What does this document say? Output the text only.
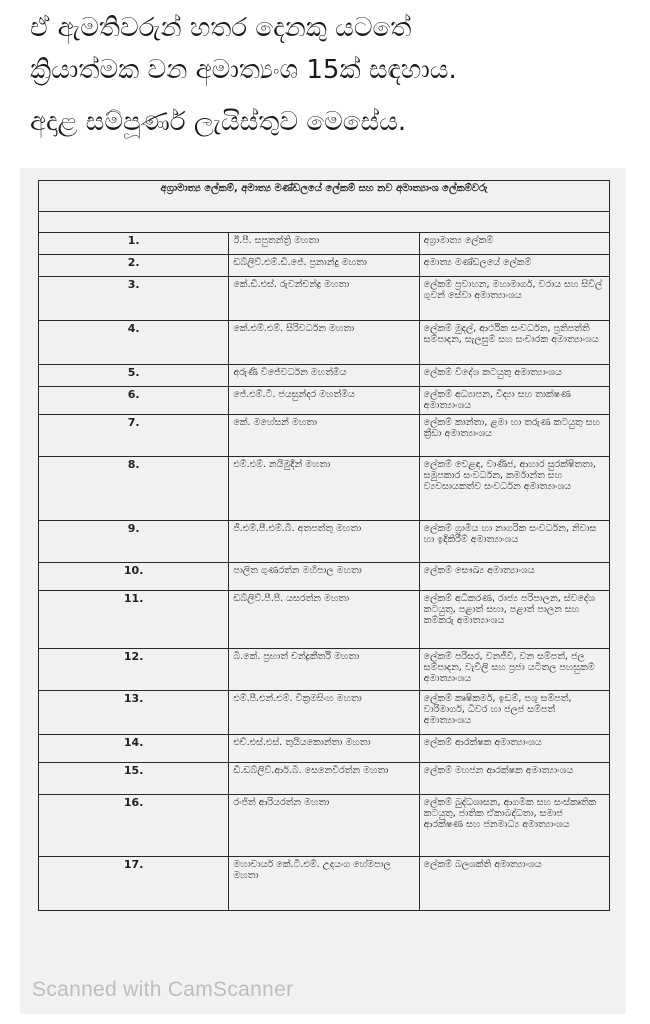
ඒ ඇමතිවරුන් හතර දෙනකු යටතේ
ක්‍රියාත්මක වන අමාත්‍යංශ 15ක් සඳහාය.
අදාළ සම්පූර්ණ ලැයිස්තුව මෙසේය.
අග්‍රාමාත්‍ය ලේකම්, අමාත්‍ය මණ්ඩලයේ ලේකම් සහ නව අමාත්‍යාංශ ලේකම්වරු		

1.	ඊ.පී. සපුතන්ත්‍රි මහතා	අග්‍රාමාත්‍ය ලේකම්
2.	ඩබ්ලිව්.එම්.ඩී.ජේ. ප්‍රනාන්දු මහතා	අමාත්‍ය මණ්ඩලයේ ලේකම්
3.	කේ.ඩී.එස්. රුවන්චන්ද්‍ර මහතා	ලේකම් ප්‍රවාහන, මහාමාර්ග, වරාය සහ සිවිල් ගුවන් සේවා අමාත්‍යාංශය
4.	කේ.එම්.එම්. සිරිවර්ධන මහතා	ලේකම් මුදල්, ආර්ථික සංවර්ධන, ප්‍රතිපත්ති සම්පාදන, සැලසුම් සහ සංචාරක අමාත්‍යාංශය
5.	අරුණි විජේවර්ධන මහත්මිය	ලේකම් විදේශ කටයුතු අමාත්‍යාංශය
6.	ජේ.එම්.ටී. ජයසුන්දර මහත්මිය	ලේකම් අධ්‍යාපන, විද්‍යා සහ තාක්ෂණ අමාත්‍යාංශය
7.	කේ. මහේසන් මහතා	ලේකම් කාන්තා, ළමා හා තරුණ කටයුතු සහ ක්‍රීඩා අමාත්‍යාංශය
8.	එම්.එම්. නයිමුදීන් මහතා	ලේකම් වෙළඳ, වාණිජ, ආහාර සුරක්ෂිතතා, සමුපකාර සංවර්ධන, කර්මාන්ත සහ ව්‍යවසායකත්ව සංවර්ධන අමාත්‍යාංශය
9.	ජී.එම්.පී.එම්.බී. අතපත්තු මහතා	ලේකම් ග්‍රාමීය හා නාගරික සංවර්ධන, නිවාස හා ඉදිකිරීම් අමාත්‍යාංශය
10.	පාලිත ගුණරත්න මහිපාල මහතා	ලේකම් සෞඛ්‍ය අමාත්‍යාංශය
11.	ඩබ්ලිව්.පී.පී. යසරත්න මහතා	ලේකම් අධිකරණ, රාජ්‍ය පරිපාලන, ස්වදේශ කටයුතු, පළාත් සභා, පළාත් පාලන සහ කම්කරු අමාත්‍යාංශය
12.	බී.කේ. ප්‍රභාත් චන්ද්‍රකීර්ති මහතා	ලේකම් පරිසර, වනජීවී, වන සම්පත්, ජල සම්පාදන, වැවිලි සහ ප්‍රජා යටිතල පහසුකම් අමාත්‍යාංශය
13.	එම්.පී.එන්.එම්. වික්‍රමසිංහ මහතා	ලේකම් කෘෂිකර්ම, ඉඩම්, පශු සම්පත්, වාරිමාර්ග, ධීවර හා ජලජ සම්පත් අමාත්‍යාංශය
14.	එච්.එස්.එස්. තුයියකොන්තා මහතා	ලේකම් ආරක්ෂක අමාත්‍යාංශය
15.	ඩී.ඩබ්ලිව්.ආර්.බී. සෙනෙවිරත්න මහතා	ලේකම් මහජන ආරක්ෂක අමාත්‍යාංශය
16.	රංජිත් ආරියරත්න මහතා	ලේකම් බුද්ධශාසන, ආගමික සහ සංස්කෘතික කටයුතු, ජාතික ඒකාබද්ධතා, සමාජ ආරක්ෂණ සහ ජනමාධ්‍ය අමාත්‍යාංශය
17.	මහාචාර්ය කේ.ටී.එම්. උදයංග හේමපාල මහතා	ලේකම් බලශක්ති අමාත්‍යාංශය
Scanned with CamScanner
